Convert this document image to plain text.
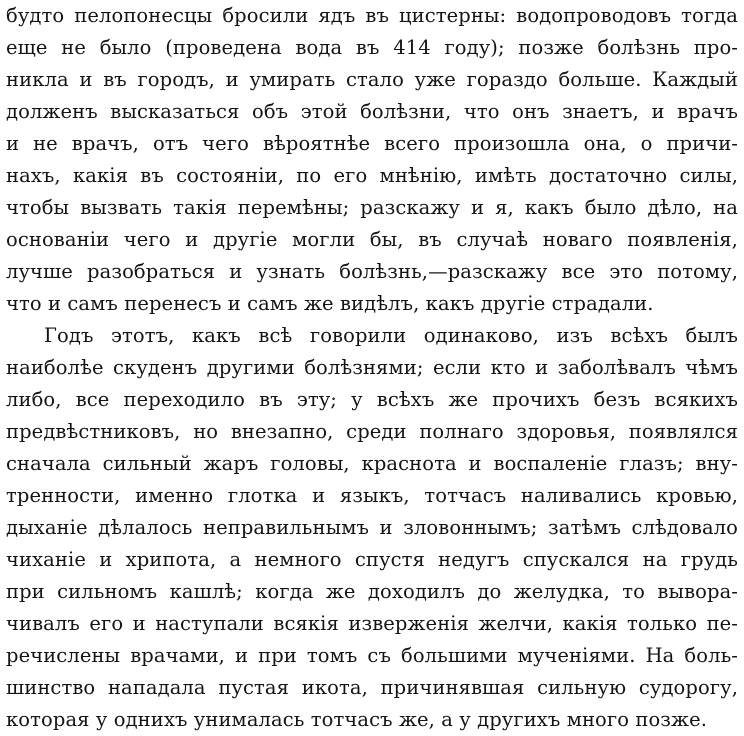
будто пелопонесцы бросили ядъ въ цистерны: водопроводовъ тогда
еще не было (проведена вода въ 414 году); позже болѣзнь про-
никла и въ городъ, и умирать стало уже гораздо больше. Каждый
долженъ высказаться объ этой болѣзни, что онъ знаетъ, и врачъ
и не врачъ, отъ чего вѣроятнѣе всего произошла она, о причи-
нахъ, какія въ состояніи, по его мнѣнію, имѣть достаточно силы,
чтобы вызвать такія перемѣны; разскажу и я, какъ было дѣло, на
основаніи чего и другіе могли бы, въ случаѣ новаго появленія,
лучше разобраться и узнать болѣзнь,—разскажу все это потому,
что и самъ перенесъ и самъ же видѣлъ, какъ другіе страдали.
Годъ этотъ, какъ всѣ говорили одинаково, изъ всѣхъ былъ
наиболѣе скуденъ другими болѣзнями; если кто и заболѣвалъ чѣмъ
либо, все переходило въ эту; у всѣхъ же прочихъ безъ всякихъ
предвѣстниковъ, но внезапно, среди полнаго здоровья, появлялся
сначала сильный жаръ головы, краснота и воспаленіе глазъ; вну-
тренности, именно глотка и языкъ, тотчасъ наливались кровью,
дыханіе дѣлалось неправильнымъ и зловоннымъ; затѣмъ слѣдовало
чиханіе и хрипота, а немного спустя недугъ спускался на грудь
при сильномъ кашлѣ; когда же доходилъ до желудка, то вывора-
чивалъ его и наступали всякія изверженія желчи, какія только пе-
речислены врачами, и при томъ съ большими мученіями. На боль-
шинство нападала пустая икота, причинявшая сильную судорогу,
которая у однихъ унималась тотчасъ же, а у другихъ много позже.
